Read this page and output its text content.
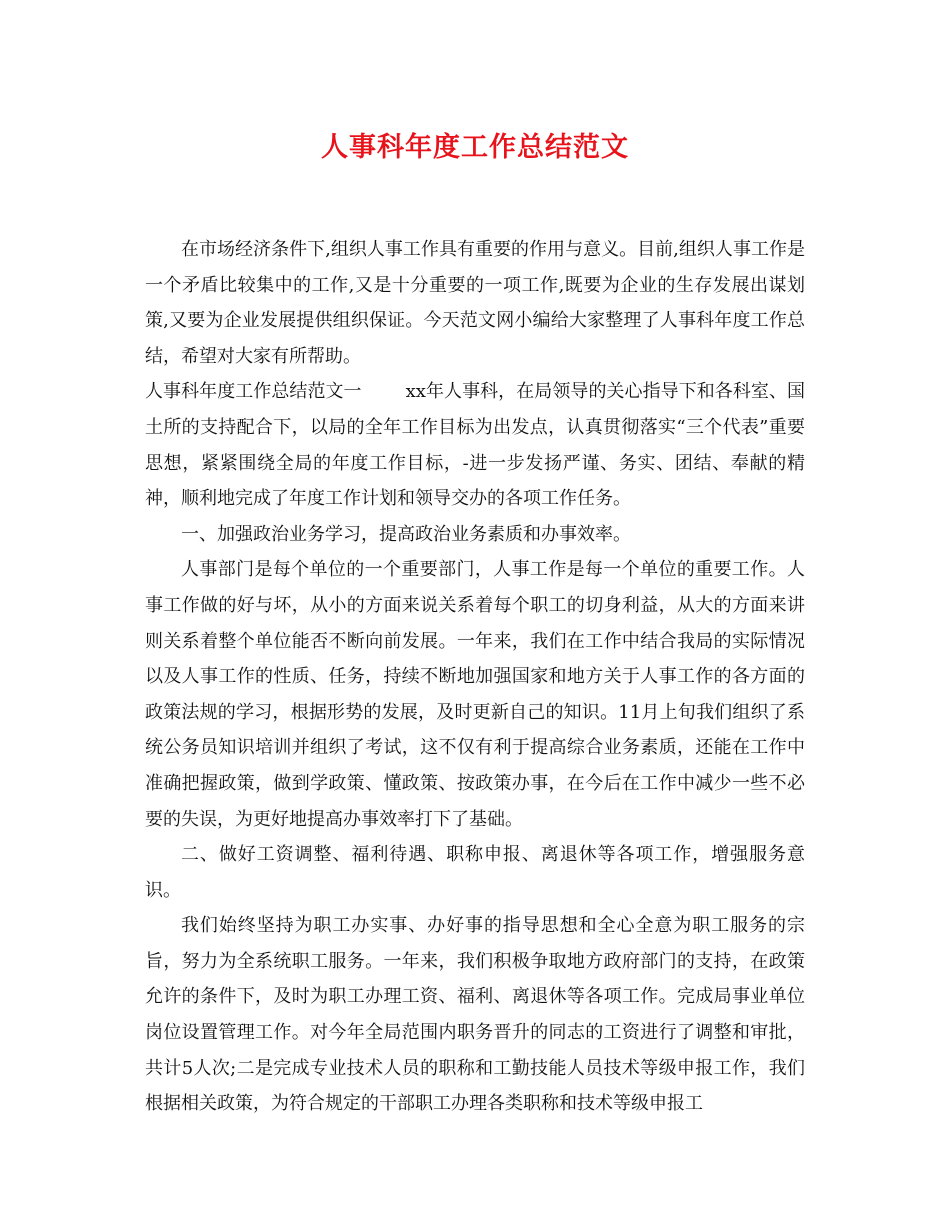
人事科年度工作总结范文

在市场经济条件下,组织人事工作具有重要的作用与意义。目前,组织人事工作是一个矛盾比较集中的工作,又是十分重要的一项工作,既要为企业的生存发展出谋划策,又要为企业发展提供组织保证。今天范文网小编给大家整理了人事科年度工作总结，希望对大家有所帮助。

人事科年度工作总结范文一 xx年人事科，在局领导的关心指导下和各科室、国土所的支持配合下，以局的全年工作目标为出发点，认真贯彻落实“三个代表”重要思想，紧紧围绕全局的年度工作目标，-进一步发扬严谨、务实、团结、奉献的精神，顺利地完成了年度工作计划和领导交办的各项工作任务。

一、加强政治业务学习，提高政治业务素质和办事效率。

人事部门是每个单位的一个重要部门，人事工作是每一个单位的重要工作。人事工作做的好与坏，从小的方面来说关系着每个职工的切身利益，从大的方面来讲则关系着整个单位能否不断向前发展。一年来，我们在工作中结合我局的实际情况以及人事工作的性质、任务，持续不断地加强国家和地方关于人事工作的各方面的政策法规的学习，根据形势的发展，及时更新自己的知识。11月上旬我们组织了系统公务员知识培训并组织了考试，这不仅有利于提高综合业务素质，还能在工作中准确把握政策，做到学政策、懂政策、按政策办事，在今后在工作中减少一些不必要的失误，为更好地提高办事效率打下了基础。

二、做好工资调整、福利待遇、职称申报、离退休等各项工作，增强服务意识。

我们始终坚持为职工办实事、办好事的指导思想和全心全意为职工服务的宗旨，努力为全系统职工服务。一年来，我们积极争取地方政府部门的支持，在政策允许的条件下，及时为职工办理工资、福利、离退休等各项工作。完成局事业单位岗位设置管理工作。对今年全局范围内职务晋升的同志的工资进行了调整和审批，共计5人次;二是完成专业技术人员的职称和工勤技能人员技术等级申报工作，我们根据相关政策，为符合规定的干部职工办理各类职称和技术等级申报工
